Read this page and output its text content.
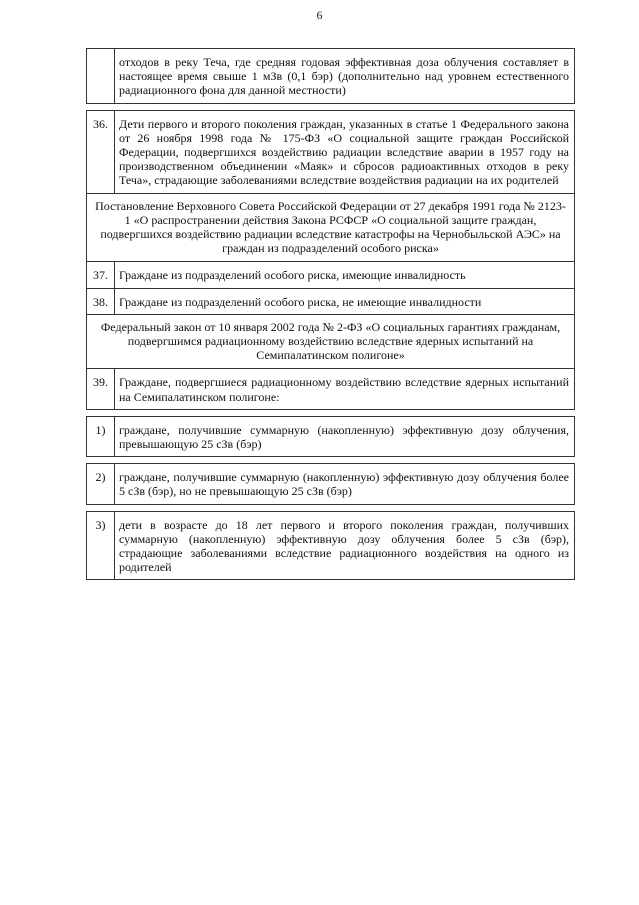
6
	отходов в реку Теча, где средняя годовая эффективная доза облучения составляет в настоящее время свыше 1 мЗв (0,1 бэр) (дополнительно над уровнем естественного радиационного фона для данной местности)

36.	Дети первого и второго поколения граждан, указанных в статье 1 Федерального закона от 26 ноября 1998 года № 175-ФЗ «О социальной защите граждан Российской Федерации, подвергшихся воздействию радиации вследствие аварии в 1957 году на производственном объединении «Маяк» и сбросов радиоактивных отходов в реку Теча», страдающие заболеваниями вследствие воздействия радиации на их родителей
Постановление Верховного Совета Российской Федерации от 27 декабря 1991 года № 2123-1 «О распространении действия Закона РСФСР «О социальной защите граждан, подвергшихся воздействию радиации вследствие катастрофы на Чернобыльской АЭС» на граждан из подразделений особого риска»	
37.	Граждане из подразделений особого риска, имеющие инвалидность
38.	Граждане из подразделений особого риска, не имеющие инвалидности
Федеральный закон от 10 января 2002 года № 2-ФЗ «О социальных гарантиях гражданам, подвергшимся радиационному воздействию вследствие ядерных испытаний на Семипалатинском полигоне»	
39.	Граждане, подвергшиеся радиационному воздействию вследствие ядерных испытаний на Семипалатинском полигоне:

1)	граждане, получившие суммарную (накопленную) эффективную дозу облучения, превышающую 25 сЗв (бэр)

2)	граждане, получившие суммарную (накопленную) эффективную дозу облучения более 5 сЗв (бэр), но не превышающую 25 сЗв (бэр)

3)	дети в возрасте до 18 лет первого и второго поколения граждан, получивших суммарную (накопленную) эффективную дозу облучения более 5 сЗв (бэр), страдающие заболеваниями вследствие радиационного воздействия на одного из родителей
